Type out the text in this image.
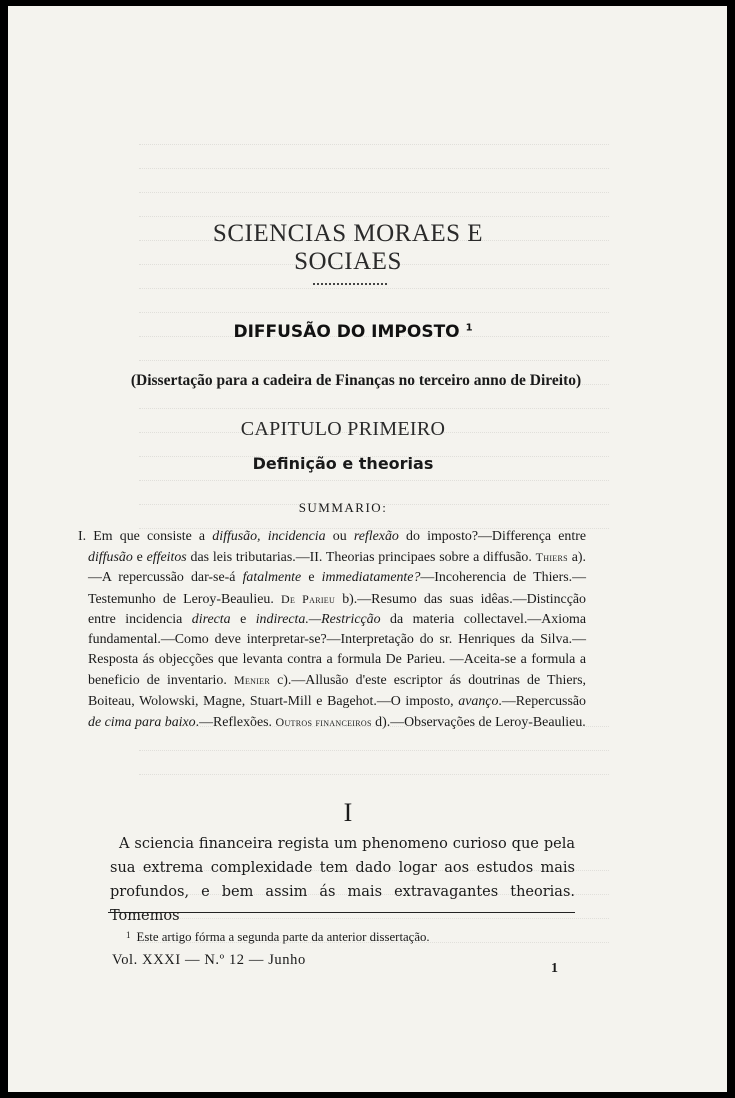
SCIENCIAS MORAES E SOCIAES
DIFFUSÃO DO IMPOSTO $^1$
(Dissertação para a cadeira de Finanças no terceiro anno de Direito)
CAPITULO PRIMEIRO
Definição e theorias
SUMMARIO:
I. Em que consiste a diffusão, incidencia ou reflexão do imposto?—Differença entre diffusão e effeitos das leis tributarias.—II. Theorias principaes sobre a diffusão. Thiers a).—A repercussão dar-se-á fatalmente e immediatamente?—Incoherencia de Thiers.—Testemunho de Leroy-Beaulieu. De Parieu b).—Resumo das suas idêas.—Distincção entre incidencia directa e indirecta.—Restricção da materia collectavel.—Axioma fundamental.—Como deve interpretar-se?—Interpretação do sr. Henriques da Silva.—Resposta ás objecções que levanta contra a formula De Parieu. —Aceita-se a formula a beneficio de inventario. Menier c).—Allusão d'este escriptor ás doutrinas de Thiers, Boiteau, Wolowski, Magne, Stuart-Mill e Bagehot.—O imposto, avanço.—Repercussão de cima para baixo.—Reflexões. Outros financeiros d).—Observações de Leroy-Beaulieu.
I
A sciencia financeira regista um phenomeno curioso que pela sua extrema complexidade tem dado logar aos estudos mais profundos, e bem assim ás mais extravagantes theorias. Tomemos
$^1$ Este artigo fórma a segunda parte da anterior dissertação.
Vol. XXXI — N.º 12 — Junho
1
